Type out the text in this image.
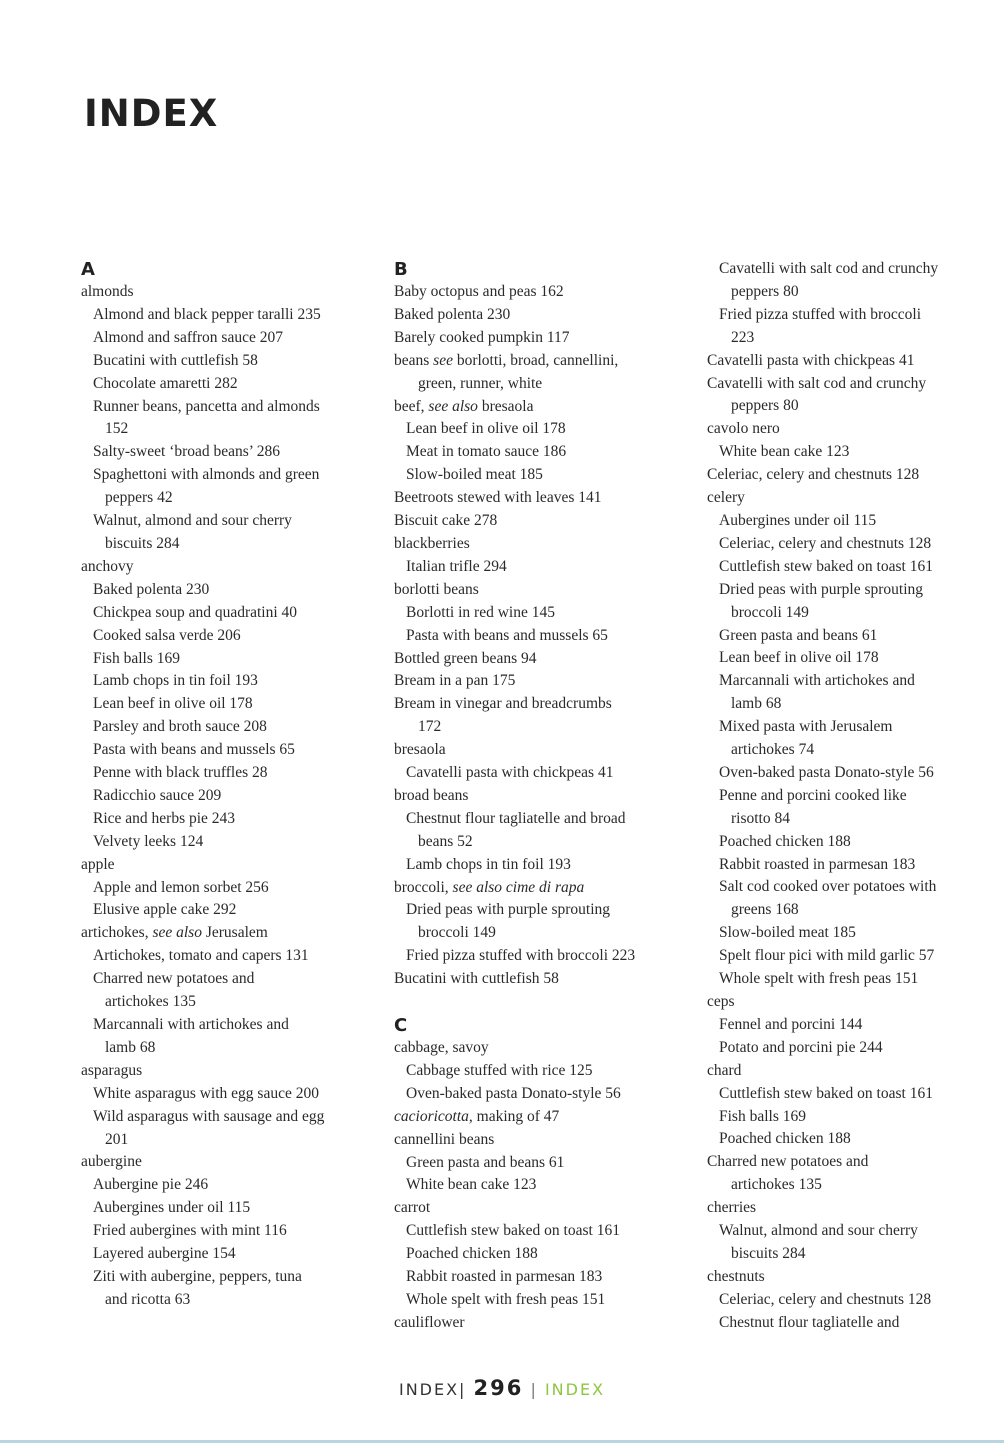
INDEX
A
almonds
Almond and black pepper taralli 235
Almond and saffron sauce 207
Bucatini with cuttlefish 58
Chocolate amaretti 282
Runner beans, pancetta and almonds
152
Salty-sweet ‘broad beans’ 286
Spaghettoni with almonds and green
peppers 42
Walnut, almond and sour cherry
biscuits 284
anchovy
Baked polenta 230
Chickpea soup and quadratini 40
Cooked salsa verde 206
Fish balls 169
Lamb chops in tin foil 193
Lean beef in olive oil 178
Parsley and broth sauce 208
Pasta with beans and mussels 65
Penne with black truffles 28
Radicchio sauce 209
Rice and herbs pie 243
Velvety leeks 124
apple
Apple and lemon sorbet 256
Elusive apple cake 292
artichokes, see also Jerusalem
Artichokes, tomato and capers 131
Charred new potatoes and
artichokes 135
Marcannali with artichokes and
lamb 68
asparagus
White asparagus with egg sauce 200
Wild asparagus with sausage and egg
201
aubergine
Aubergine pie 246
Aubergines under oil 115
Fried aubergines with mint 116
Layered aubergine 154
Ziti with aubergine, peppers, tuna
and ricotta 63
B
Baby octopus and peas 162
Baked polenta 230
Barely cooked pumpkin 117
beans see borlotti, broad, cannellini,
green, runner, white
beef, see also bresaola
Lean beef in olive oil 178
Meat in tomato sauce 186
Slow-boiled meat 185
Beetroots stewed with leaves 141
Biscuit cake 278
blackberries
Italian trifle 294
borlotti beans
Borlotti in red wine 145
Pasta with beans and mussels 65
Bottled green beans 94
Bream in a pan 175
Bream in vinegar and breadcrumbs
172
bresaola
Cavatelli pasta with chickpeas 41
broad beans
Chestnut flour tagliatelle and broad
beans 52
Lamb chops in tin foil 193
broccoli, see also cime di rapa
Dried peas with purple sprouting
broccoli 149
Fried pizza stuffed with broccoli 223
Bucatini with cuttlefish 58
C
cabbage, savoy
Cabbage stuffed with rice 125
Oven-baked pasta Donato-style 56
cacioricotta, making of 47
cannellini beans
Green pasta and beans 61
White bean cake 123
carrot
Cuttlefish stew baked on toast 161
Poached chicken 188
Rabbit roasted in parmesan 183
Whole spelt with fresh peas 151
cauliflower
Cavatelli with salt cod and crunchy
peppers 80
Fried pizza stuffed with broccoli
223
Cavatelli pasta with chickpeas 41
Cavatelli with salt cod and crunchy
peppers 80
cavolo nero
White bean cake 123
Celeriac, celery and chestnuts 128
celery
Aubergines under oil 115
Celeriac, celery and chestnuts 128
Cuttlefish stew baked on toast 161
Dried peas with purple sprouting
broccoli 149
Green pasta and beans 61
Lean beef in olive oil 178
Marcannali with artichokes and
lamb 68
Mixed pasta with Jerusalem
artichokes 74
Oven-baked pasta Donato-style 56
Penne and porcini cooked like
risotto 84
Poached chicken 188
Rabbit roasted in parmesan 183
Salt cod cooked over potatoes with
greens 168
Slow-boiled meat 185
Spelt flour pici with mild garlic 57
Whole spelt with fresh peas 151
ceps
Fennel and porcini 144
Potato and porcini pie 244
chard
Cuttlefish stew baked on toast 161
Fish balls 169
Poached chicken 188
Charred new potatoes and
artichokes 135
cherries
Walnut, almond and sour cherry
biscuits 284
chestnuts
Celeriac, celery and chestnuts 128
Chestnut flour tagliatelle and
INDEX| 296 | INDEX
